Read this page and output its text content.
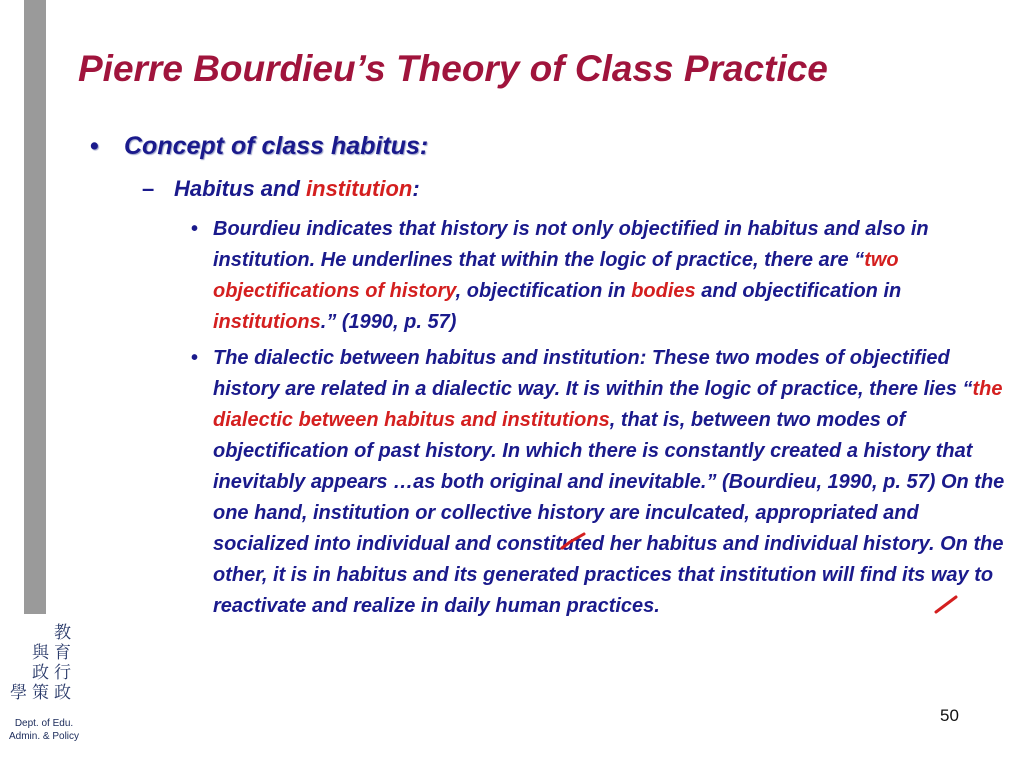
Pierre Bourdieu’s Theory of Class Practice
• Concept of class habitus:
– Habitus and institution:
• Bourdieu indicates that history is not only objectified in habitus and also in institution. He underlines that within the logic of practice, there are “two objectifications of history, objectification in bodies and objectification in institutions.” (1990, p. 57)
• The dialectic between habitus and institution: These two modes of objectified history are related in a dialectic way. It is within the logic of practice, there lies “the dialectic between habitus and institutions, that is, between two modes of objectification of past history. In which there is constantly created a history that inevitably appears …as both original and inevitable.” (Bourdieu, 1990, p. 57) On the one hand, institution or collective history are inculcated, appropriated and socialized into individual and constituted her habitus and individual history. On the other, it is in habitus and its generated practices that institution will find its way to reactivate and realize in daily human practices.
教
育
與
行
政
政
策
學
Dept. of Edu.
Admin. & Policy
50
